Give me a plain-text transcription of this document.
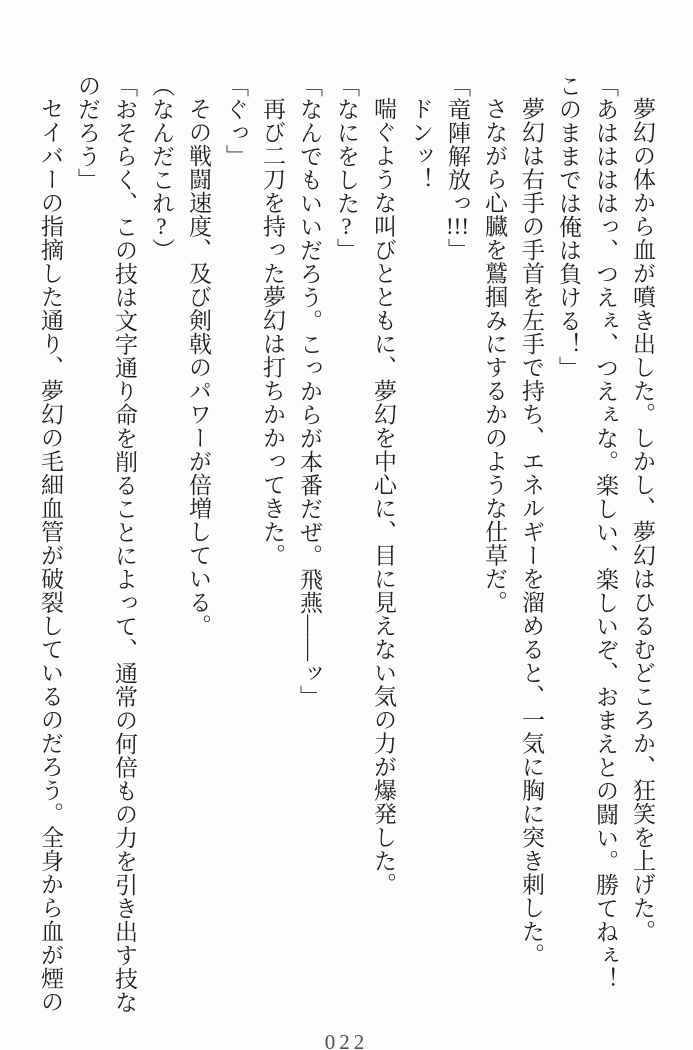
夢幻の体から血が噴き出した。しかし、夢幻はひるむどころか、狂笑を上げた。

「あははははっ、つえぇ、つえぇな。楽しい、楽しいぞ、おまえとの闘い。勝てねぇ！

このままでは俺は負ける！」

夢幻は右手の手首を左手で持ち、エネルギーを溜めると、一気に胸に突き刺した。

さながら心臓を鷲掴みにするかのような仕草だ。

「竜陣解放っ!!!」

ドンッ！

喘ぐような叫びとともに、夢幻を中心に、目に見えない気の力が爆発した。

「なにをした?」

「なんでもいいだろう。こっからが本番だぜ。飛燕――ッ」

再び二刀を持った夢幻は打ちかかってきた。

「ぐっ」

その戦闘速度、及び剣戟のパワーが倍増している。

（なんだこれ?）

「おそらく、この技は文字通り命を削ることによって、通常の何倍もの力を引き出す技な

のだろう」

セイバーの指摘した通り、夢幻の毛細血管が破裂しているのだろう。全身から血が煙の

022
